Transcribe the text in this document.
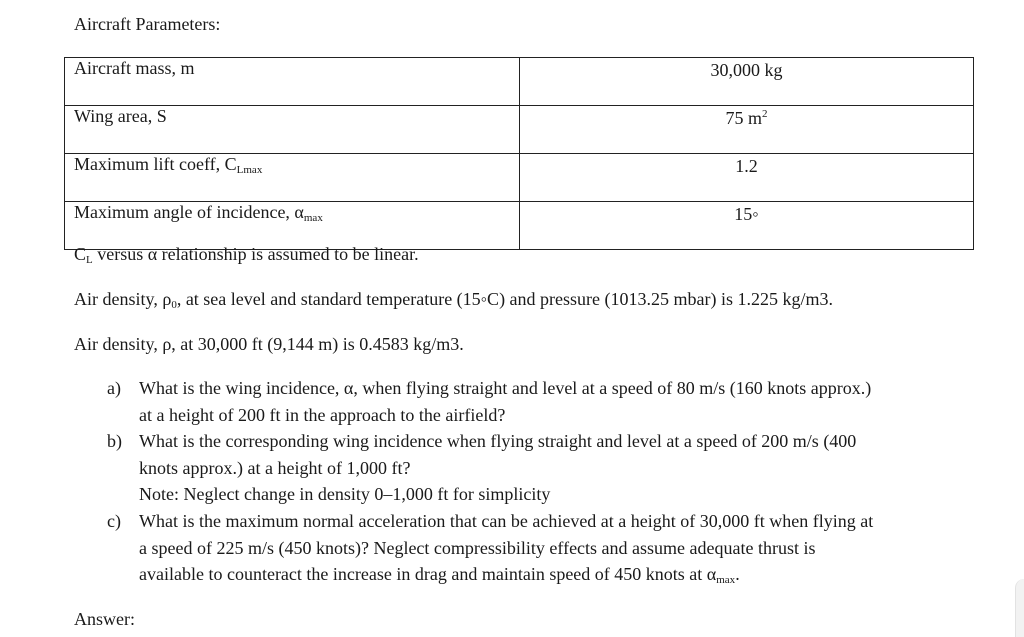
Aircraft Parameters:
Aircraft mass, m	30,000 kg
Wing area, S	75 $m^2$
Maximum lift coeff, $C_{Lmax}$	1.2
Maximum angle of incidence, $\alpha_{max}$	15◦
$C_L$ versus α relationship is assumed to be linear.
Air density, $\rho_0$, at sea level and standard temperature (15◦C) and pressure (1013.25 mbar) is 1.225 kg/m3.
Air density, ρ, at 30,000 ft (9,144 m) is 0.4583 kg/m3.
a) What is the wing incidence, α, when flying straight and level at a speed of 80 m/s (160 knots approx.)
at a height of 200 ft in the approach to the airfield?
b) What is the corresponding wing incidence when flying straight and level at a speed of 200 m/s (400
knots approx.) at a height of 1,000 ft?
Note: Neglect change in density 0–1,000 ft for simplicity
c) What is the maximum normal acceleration that can be achieved at a height of 30,000 ft when flying at
a speed of 225 m/s (450 knots)? Neglect compressibility effects and assume adequate thrust is
available to counteract the increase in drag and maintain speed of 450 knots at $\alpha_{max}$.
Answer:
